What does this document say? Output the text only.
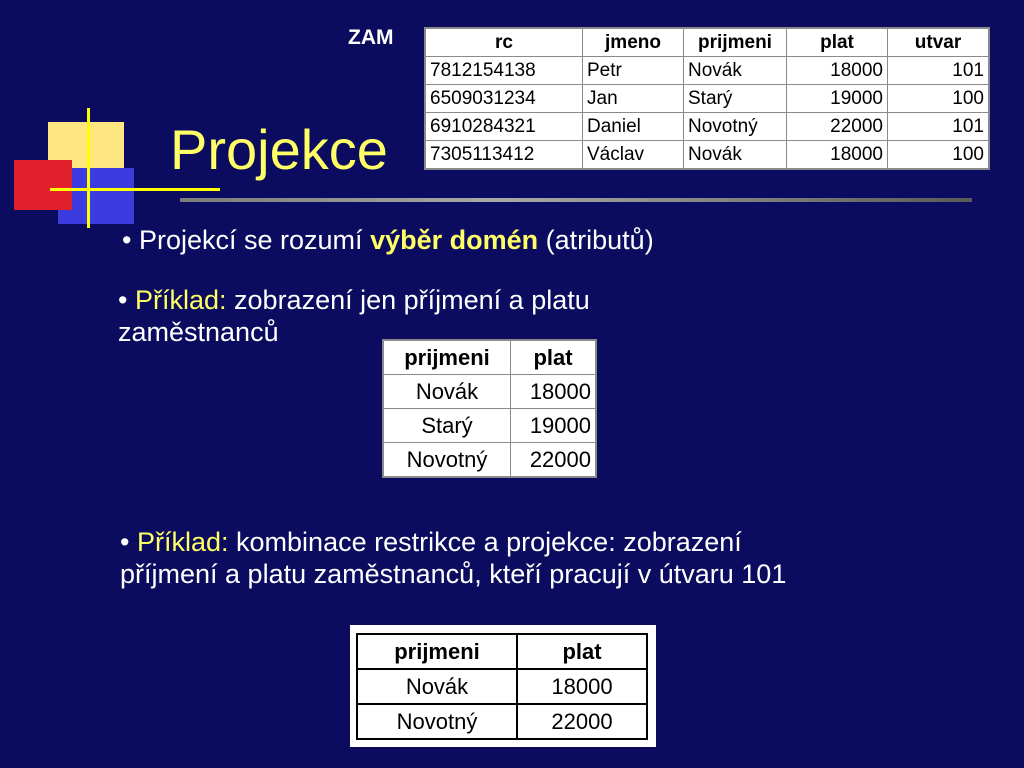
Projekce
ZAM	rc	jmeno	prijmeni	plat	utvar
7812154138	Petr	Novák	18000	101
6509031234	Jan	Starý	19000	100
6910284321	Daniel	Novotný	22000	101
7305113412	Václav	Novák	18000	100
• Projekcí se rozumí výběr domén (atributů)
• Příklad: zobrazení jen příjmení a platu
zaměstnanců
prijmeni	plat
Novák	18000
Starý	19000
Novotný	22000
• Příklad: kombinace restrikce a projekce: zobrazení
příjmení a platu zaměstnanců, kteří pracují v útvaru 101
prijmeni	plat
Novák	18000
Novotný	22000
